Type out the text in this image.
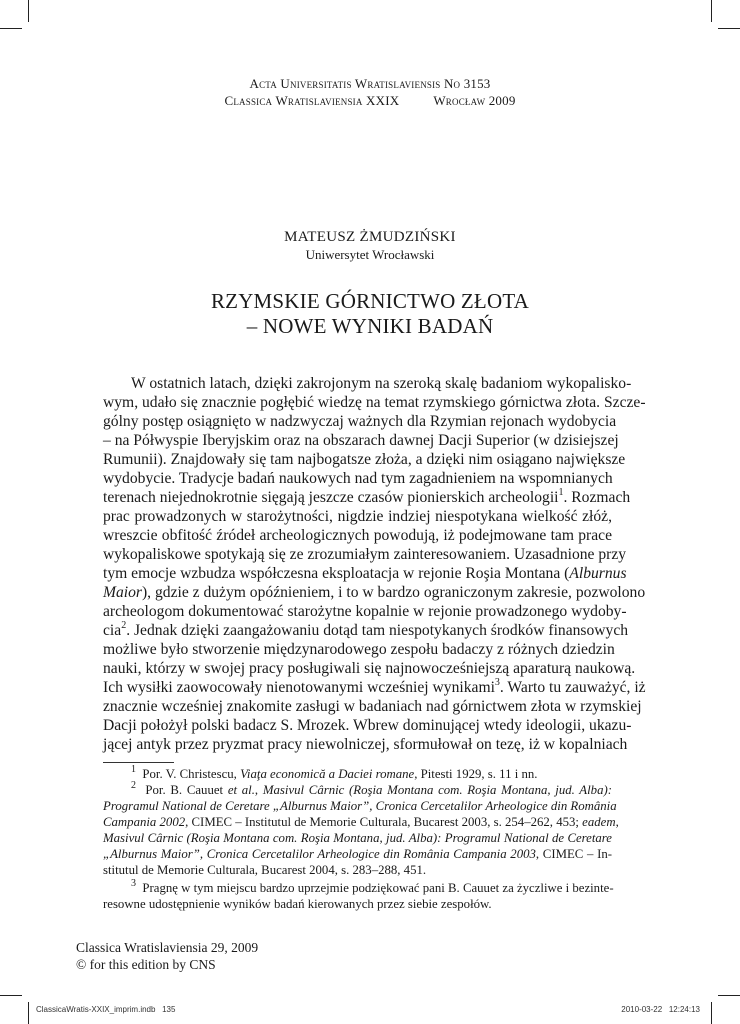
Acta Universitatis Wratislaviensis No 3153
Classica Wratislaviensia XXIX	Wrocław 2009
MATEUSZ ŻMUDZIŃSKI
Uniwersytet Wrocławski
RZYMSKIE GÓRNICTWO ZŁOTA
– NOWE WYNIKI BADAŃ
W ostatnich latach, dzięki zakrojonym na szeroką skalę badaniom wykopalisko-
wym, udało się znacznie pogłębić wiedzę na temat rzymskiego górnictwa złota. Szcze-
gólny postęp osiągnięto w nadzwyczaj ważnych dla Rzymian rejonach wydobycia
– na Półwyspie Iberyjskim oraz na obszarach dawnej Dacji Superior (w dzisiejszej
Rumunii). Znajdowały się tam najbogatsze złoża, a dzięki nim osiągano największe
wydobycie. Tradycje badań naukowych nad tym zagadnieniem na wspomnianych
terenach niejednokrotnie sięgają jeszcze czasów pionierskich archeologii$^1$. Rozmach
prac prowadzonych w starożytności, nigdzie indziej niespotykana wielkość złóż,
wreszcie obfitość źródeł archeologicznych powodują, iż podejmowane tam prace
wykopaliskowe spotykają się ze zrozumiałym zainteresowaniem. Uzasadnione przy
tym emocje wzbudza współczesna eksploatacja w rejonie Roşia Montana (Alburnus
Maior), gdzie z dużym opóźnieniem, i to w bardzo ograniczonym zakresie, pozwolono
archeologom dokumentować starożytne kopalnie w rejonie prowadzonego wydoby-
cia$^2$. Jednak dzięki zaangażowaniu dotąd tam niespotykanych środków finansowych
możliwe było stworzenie międzynarodowego zespołu badaczy z różnych dziedzin
nauki, którzy w swojej pracy posługiwali się najnowocześniejszą aparaturą naukową.
Ich wysiłki zaowocowały nienotowanymi wcześniej wynikami$^3$. Warto tu zauważyć, iż
znacznie wcześniej znakomite zasługi w badaniach nad górnictwem złota w rzymskiej
Dacji położył polski badacz S. Mrozek. Wbrew dominującej wtedy ideologii, ukazu-
jącej antyk przez pryzmat pracy niewolniczej, sformułował on tezę, iż w kopalniach
$^1$ Por. V. Christescu, Viaţa economică a Daciei romane, Pitesti 1929, s. 11 i nn.
$^2$ Por. B. Cauuet et al., Masivul Cârnic (Roşia Montana com. Roşia Montana, jud. Alba):
Programul National de Ceretare „Alburnus Maior”, Cronica Cercetalilor Arheologice din România
Campania 2002, CIMEC – Institutul de Memorie Culturala, Bucarest 2003, s. 254–262, 453; eadem,
Masivul Cârnic (Roşia Montana com. Roşia Montana, jud. Alba): Programul National de Ceretare
„Alburnus Maior”, Cronica Cercetalilor Arheologice din România Campania 2003, CIMEC – In-
stitutul de Memorie Culturala, Bucarest 2004, s. 283–288, 451.
$^3$ Pragnę w tym miejscu bardzo uprzejmie podziękować pani B. Cauuet za życzliwe i bezinte-
resowne udostępnienie wyników badań kierowanych przez siebie zespołów.
Classica Wratislaviensia 29, 2009
© for this edition by CNS
ClassicaWratis-XXIX_imprim.indb   135	2010-03-22   12:24:13
